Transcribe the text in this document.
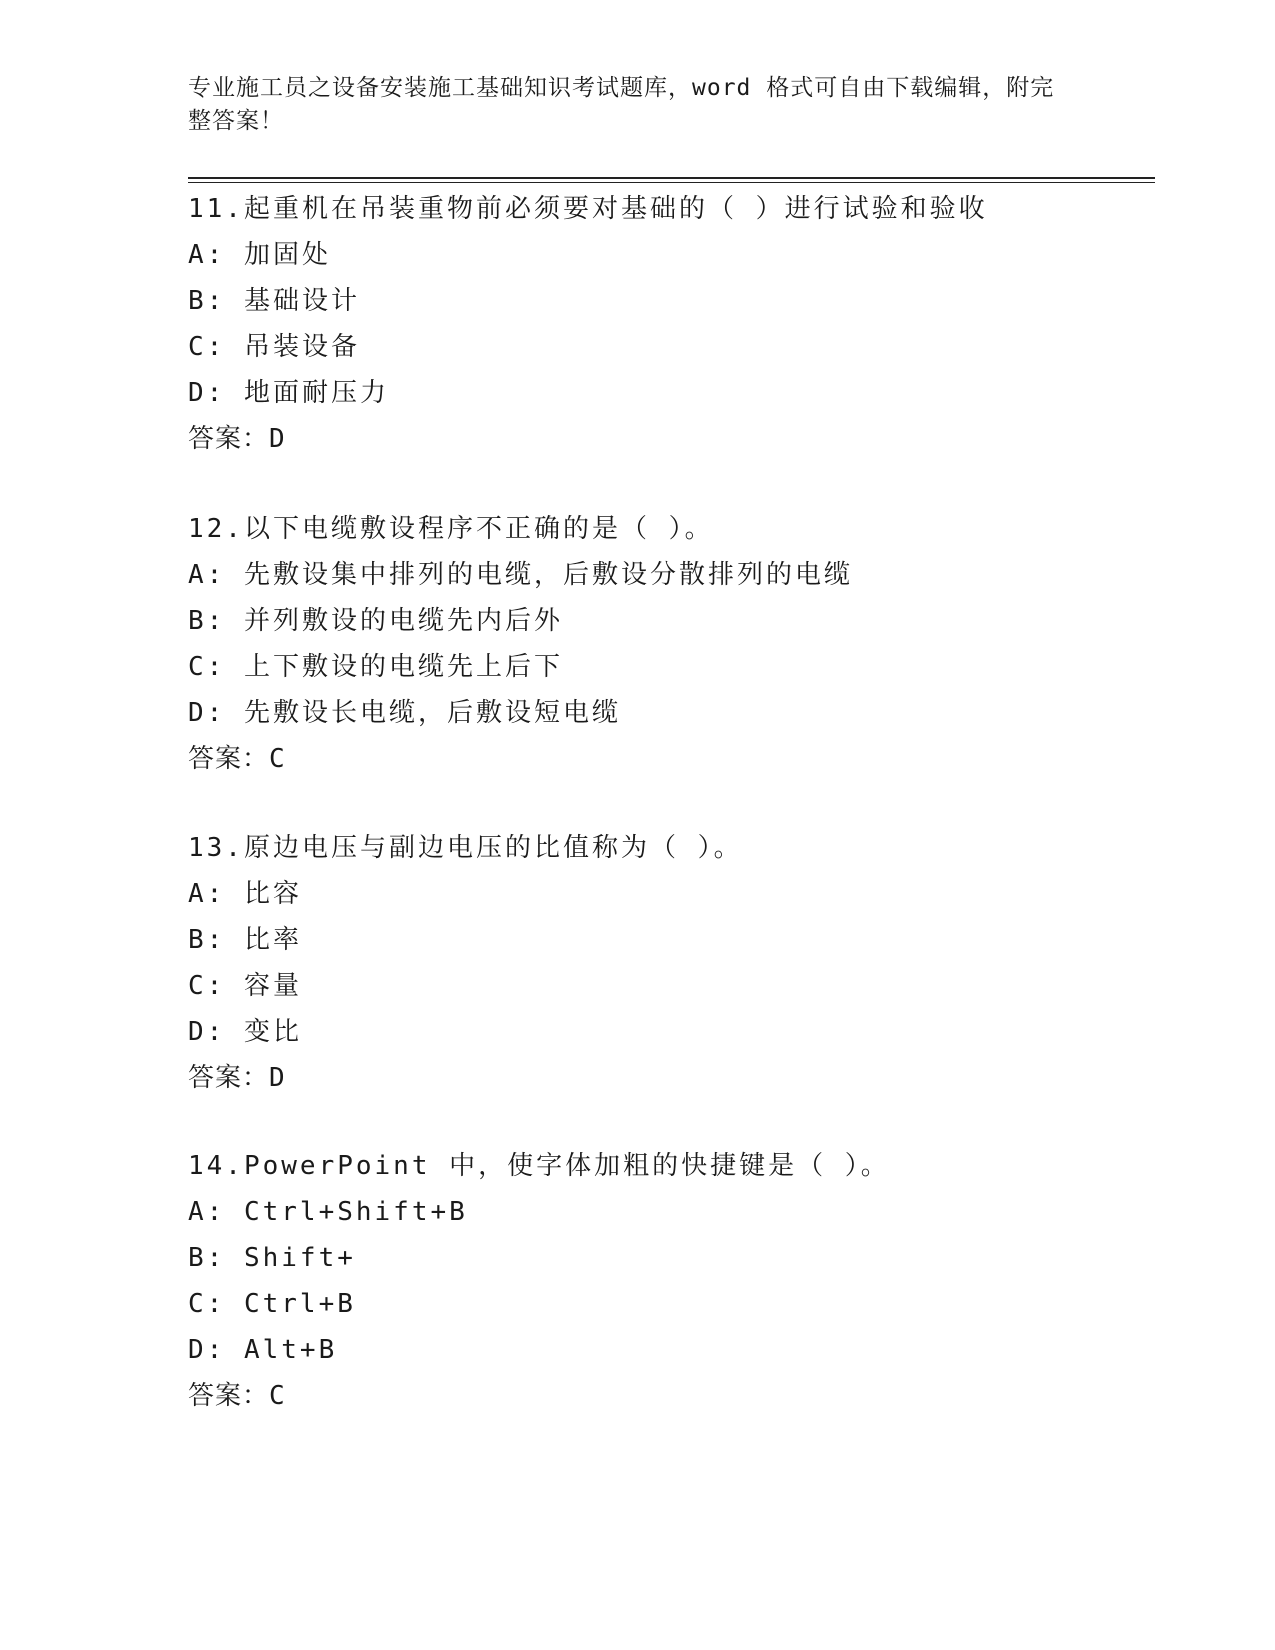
专业施工员之设备安装施工基础知识考试题库，word 格式可自由下载编辑，附完
整答案！
11.起重机在吊装重物前必须要对基础的（ ）进行试验和验收
A: 加固处
B: 基础设计
C: 吊装设备
D: 地面耐压力
答案：D
12.以下电缆敷设程序不正确的是（ ）。
A: 先敷设集中排列的电缆，后敷设分散排列的电缆
B: 并列敷设的电缆先内后外
C: 上下敷设的电缆先上后下
D: 先敷设长电缆，后敷设短电缆
答案：C
13.原边电压与副边电压的比值称为（ ）。
A: 比容
B: 比率
C: 容量
D: 变比
答案：D
14.PowerPoint 中，使字体加粗的快捷键是（ ）。
A: Ctrl+Shift+B
B: Shift+
C: Ctrl+B
D: Alt+B
答案：C
